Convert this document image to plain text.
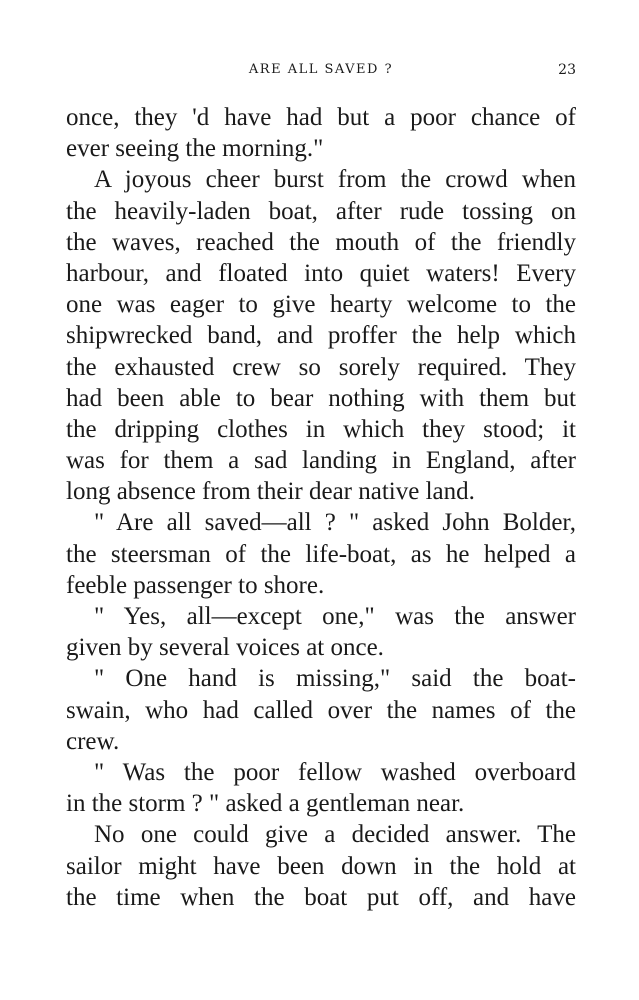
ARE ALL SAVED ?	23
once, they 'd have had but a poor chance of
ever seeing the morning."
A joyous cheer burst from the crowd when
the heavily-laden boat, after rude tossing on
the waves, reached the mouth of the friendly
harbour, and floated into quiet waters! Every
one was eager to give hearty welcome to the
shipwrecked band, and proffer the help which
the exhausted crew so sorely required. They
had been able to bear nothing with them but
the dripping clothes in which they stood; it
was for them a sad landing in England, after
long absence from their dear native land.
" Are all saved—all ? " asked John Bolder,
the steersman of the life-boat, as he helped a
feeble passenger to shore.
" Yes, all—except one," was the answer
given by several voices at once.
" One hand is missing," said the boat-
swain, who had called over the names of the
crew.
" Was the poor fellow washed overboard
in the storm ? " asked a gentleman near.
No one could give a decided answer. The
sailor might have been down in the hold at
the time when the boat put off, and have
